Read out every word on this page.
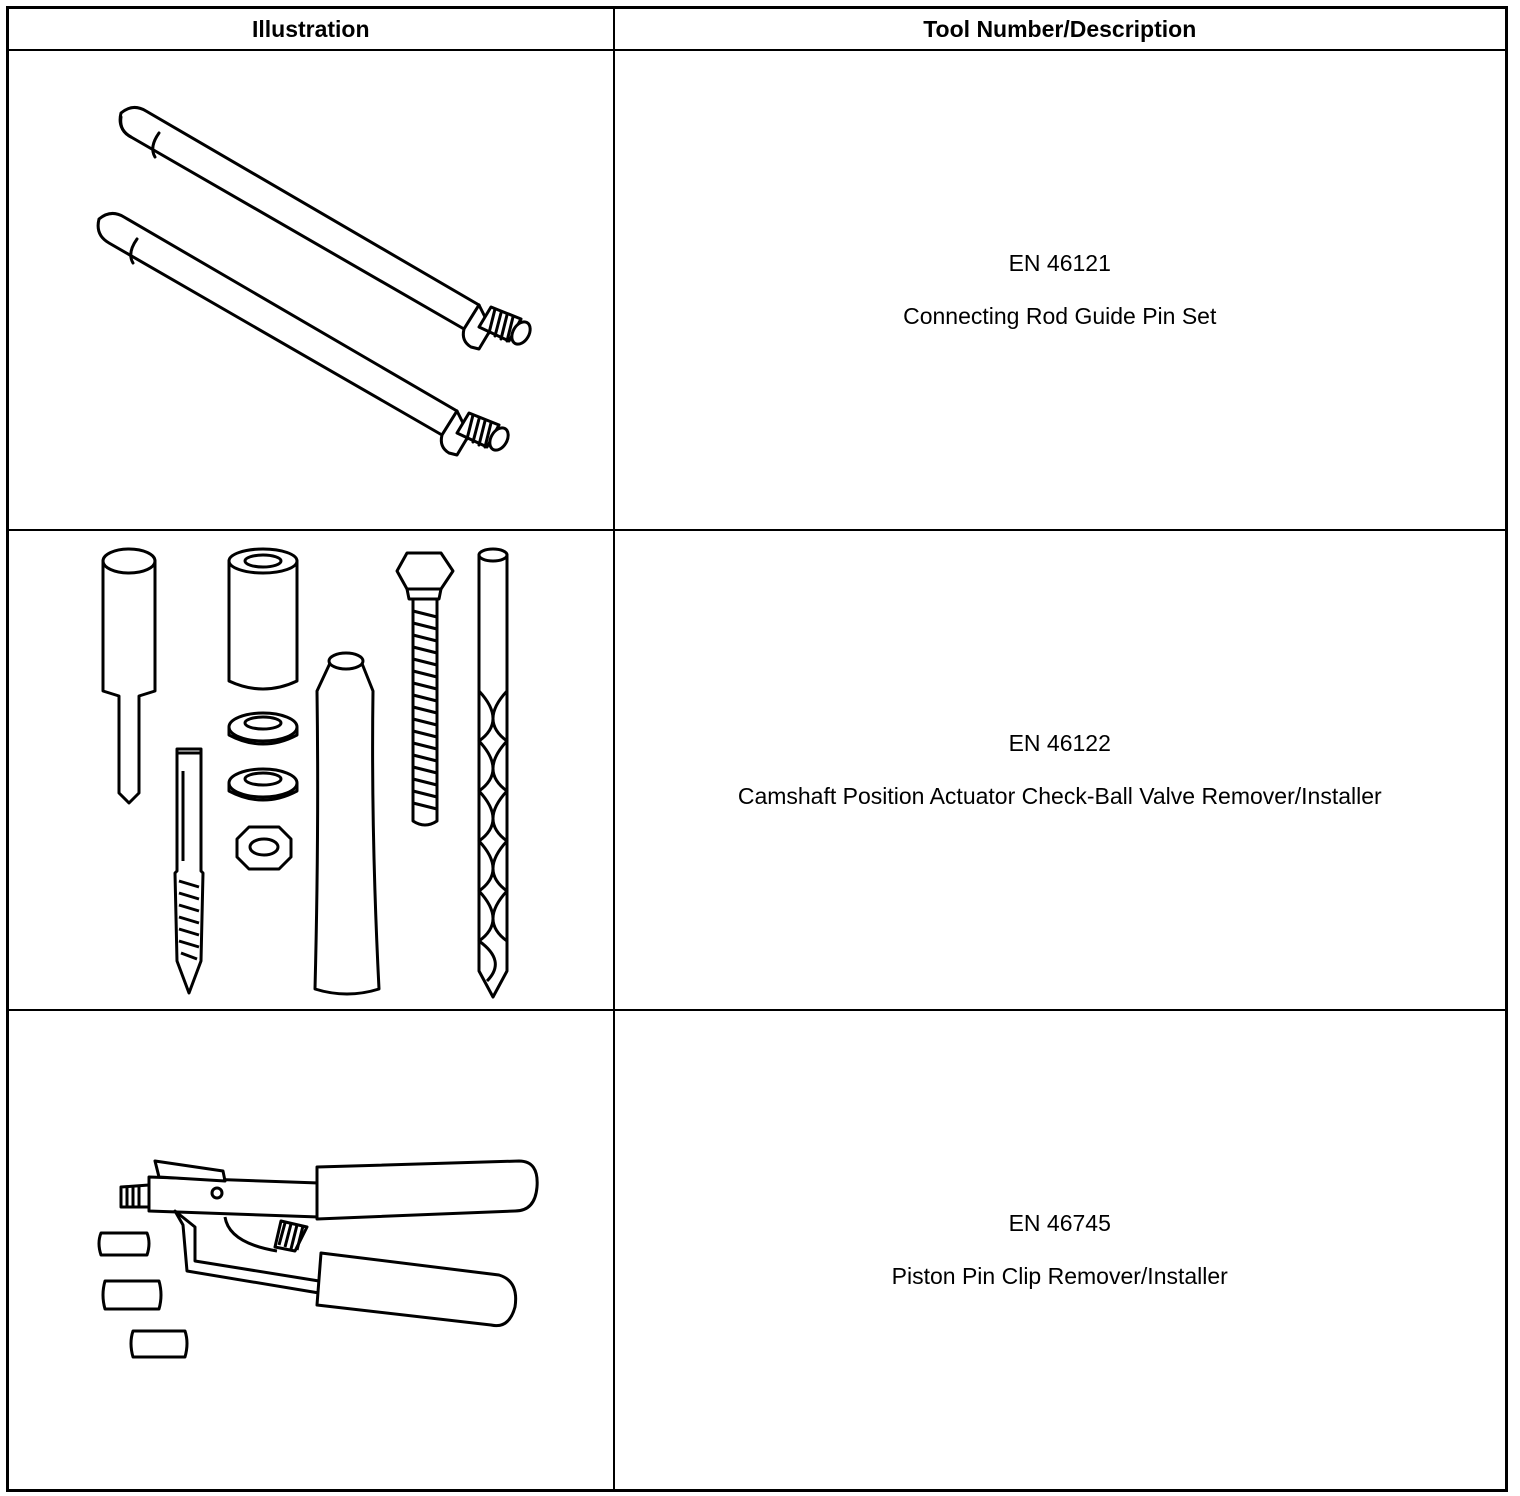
Illustration	Tool Number/Description

EN 46121
Connecting Rod Guide Pin Set

EN 46122
Camshaft Position Actuator Check-Ball Valve Remover/Installer

EN 46745
Piston Pin Clip Remover/Installer
